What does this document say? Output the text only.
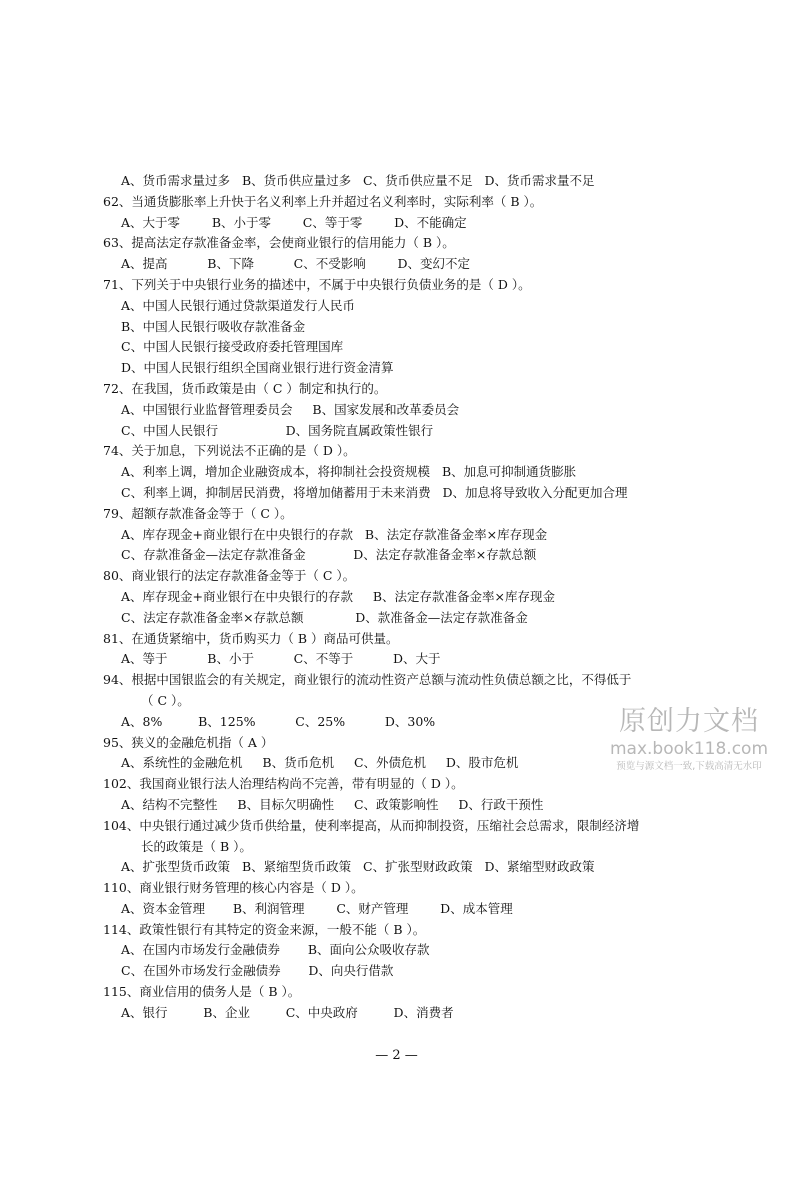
A、货币需求量过多   B、货币供应量过多   C、货币供应量不足   D、货币需求量不足
62、当通货膨胀率上升快于名义利率上升并超过名义利率时，实际利率（ B ）。
A、大于零        B、小于零        C、等于零        D、不能确定
63、提高法定存款准备金率，会使商业银行的信用能力（ B ）。
A、提高          B、下降          C、不受影响        D、变幻不定
71、下列关于中央银行业务的描述中，不属于中央银行负债业务的是（ D ）。
A、中国人民银行通过贷款渠道发行人民币
B、中国人民银行吸收存款准备金
C、中国人民银行接受政府委托管理国库
D、中国人民银行组织全国商业银行进行资金清算
72、在我国，货币政策是由（ C ）制定和执行的。
A、中国银行业监督管理委员会     B、国家发展和改革委员会
C、中国人民银行                 D、国务院直属政策性银行
74、关于加息，下列说法不正确的是（ D ）。
A、利率上调，增加企业融资成本，将抑制社会投资规模   B、加息可抑制通货膨胀
C、利率上调，抑制居民消费，将增加储蓄用于未来消费   D、加息将导致收入分配更加合理
79、超额存款准备金等于（ C ）。
A、库存现金+商业银行在中央银行的存款   B、法定存款准备金率×库存现金
C、存款准备金—法定存款准备金            D、法定存款准备金率×存款总额
80、商业银行的法定存款准备金等于（ C ）。
A、库存现金+商业银行在中央银行的存款     B、法定存款准备金率×库存现金
C、法定存款准备金率×存款总额             D、款准备金—法定存款准备金
81、在通货紧缩中，货币购买力（ B ）商品可供量。
A、等于          B、小于          C、不等于          D、大于
94、根据中国银监会的有关规定，商业银行的流动性资产总额与流动性负债总额之比，不得低于
（ C ）。
A、8%         B、125%          C、25%          D、30%
95、狭义的金融危机指（ A ）
A、系统性的金融危机     B、货币危机     C、外债危机     D、股市危机
102、我国商业银行法人治理结构尚不完善，带有明显的（ D ）。
A、结构不完整性     B、目标欠明确性     C、政策影响性     D、行政干预性
104、中央银行通过减少货币供给量，使利率提高，从而抑制投资，压缩社会总需求，限制经济增
长的政策是（ B ）。
A、扩张型货币政策   B、紧缩型货币政策   C、扩张型财政政策   D、紧缩型财政政策
110、商业银行财务管理的核心内容是（ D ）。
A、资本金管理       B、利润管理        C、财产管理        D、成本管理
114、政策性银行有其特定的资金来源，一般不能（ B ）。
A、在国内市场发行金融债券       B、面向公众吸收存款
C、在国外市场发行金融债券       D、向央行借款
115、商业信用的债务人是（ B ）。
A、银行         B、企业         C、中央政府         D、消费者
— 2 —
原创力文档
max.book118.com
预览与源文档一致,下载高清无水印
